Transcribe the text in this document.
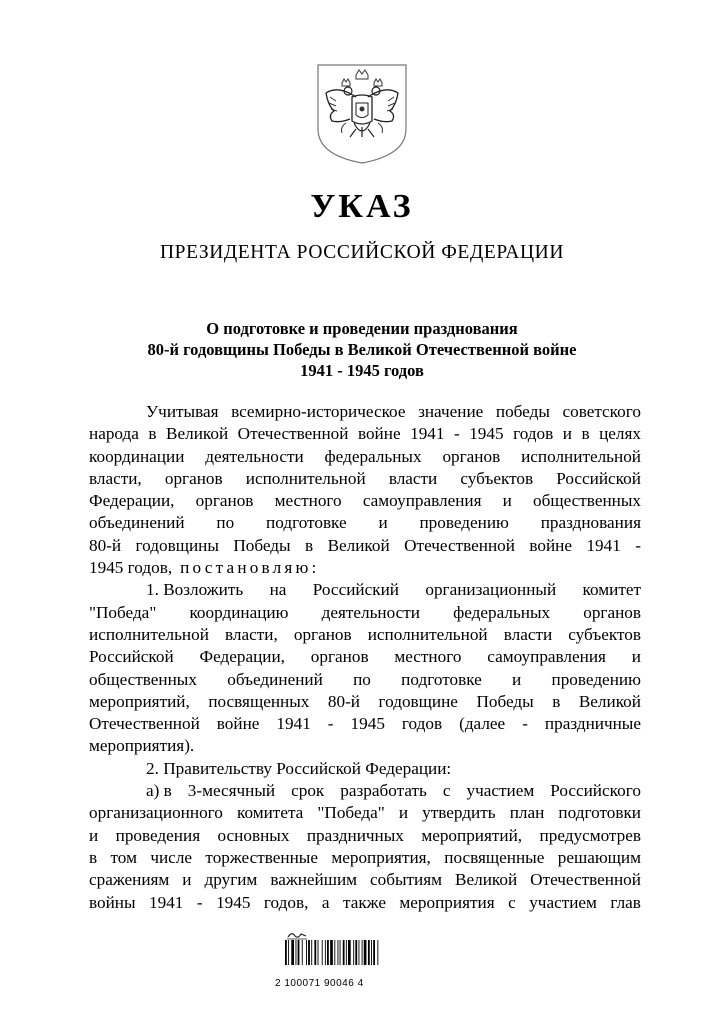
УКАЗ
ПРЕЗИДЕНТА РОССИЙСКОЙ ФЕДЕРАЦИИ
О подготовке и проведении празднования
80-й годовщины Победы в Великой Отечественной войне
1941 - 1945 годов
Учитывая всемирно-историческое значение победы советского
народа в Великой Отечественной войне 1941 - 1945 годов и в целях
координации деятельности федеральных органов исполнительной
власти, органов исполнительной власти субъектов Российской
Федерации, органов местного самоуправления и общественных
объединений по подготовке и проведению празднования
80-й годовщины Победы в Великой Отечественной войне 1941 -
1945 годов, постановляю:
1. Возложить на Российский организационный комитет
"Победа" координацию деятельности федеральных органов
исполнительной власти, органов исполнительной власти субъектов
Российской Федерации, органов местного самоуправления и
общественных объединений по подготовке и проведению
мероприятий, посвященных 80-й годовщине Победы в Великой
Отечественной войне 1941 - 1945 годов (далее - праздничные
мероприятия).
2. Правительству Российской Федерации:
а) в 3-месячный срок разработать с участием Российского
организационного комитета "Победа" и утвердить план подготовки
и проведения основных праздничных мероприятий, предусмотрев
в том числе торжественные мероприятия, посвященные решающим
сражениям и другим важнейшим событиям Великой Отечественной
войны 1941 - 1945 годов, а также мероприятия с участием глав
2 100071 90046 4
